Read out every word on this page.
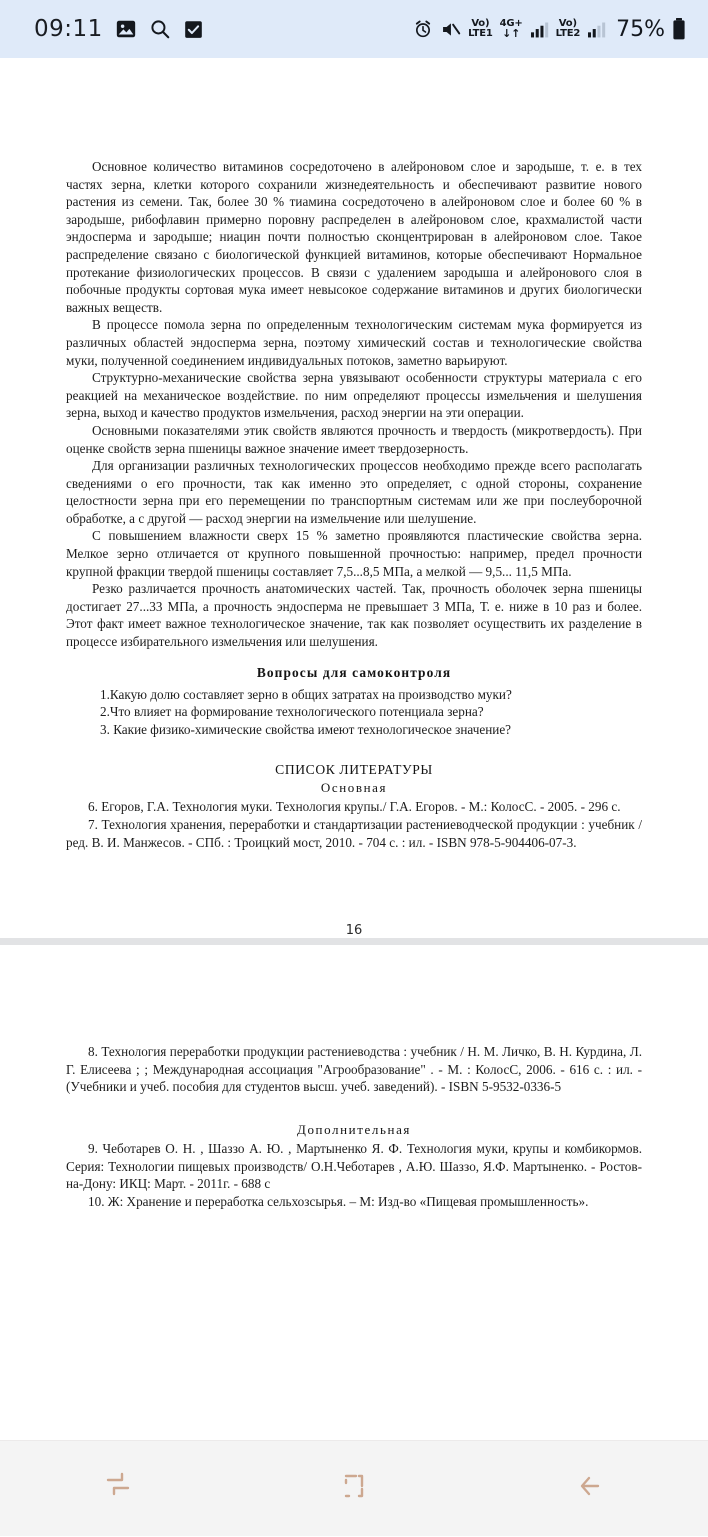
09:11	Vo)
LTE1
4G+
↓↑
Vo)
LTE2 75%

Основное количество витаминов сосредоточено в алейроновом слое и зародыше, т. е. в тех частях зерна, клетки которого сохранили жизнедеятельность и обеспечивают развитие нового растения из семени. Так, более 30 % тиамина сосредоточено в алейроновом слое и более 60 % в зародыше, рибофлавин примерно поровну распределен в алейроновом слое, крахмалистой части эндосперма и зародыше; ниацин почти полностью сконцентрирован в алейроновом слое. Такое распределение связано с биологической функцией витаминов, которые обеспечивают Нормальное протекание физиологических процессов. В связи с удалением зародыша и алейронового слоя в побочные продукты сортовая мука имеет невысокое содержание витаминов и других биологически важных веществ.

В процессе помола зерна по определенным технологическим системам мука формируется из различных областей эндосперма зерна, поэтому химический состав и технологические свойства муки, полученной соединением индивидуальных потоков, заметно варьируют.

Структурно-механические свойства зерна увязывают особенности структуры материала с его реакцией на механическое воздействие. по ним определяют процессы измельчения и шелушения зерна, выход и качество продуктов измельчения, расход энергии на эти операции.

Основными показателями этик свойств являются прочность и твердость (микротвердость). При оценке свойств зерна пшеницы важное значение имеет твердозерность.

Для организации различных технологических процессов необходимо прежде всего располагать сведениями о его прочности, так как именно это определяет, с одной стороны, сохранение целостности зерна при его перемещении по транспортным системам или же при послеуборочной обработке, а с другой — расход энергии на измельчение или шелушение.

С повышением влажности сверх 15 % заметно проявляются пластические свойства зерна. Мелкое зерно отличается от крупного повышенной прочностью: например, предел прочности крупной фракции твердой пшеницы составляет 7,5...8,5 МПа, а мелкой — 9,5... 11,5 МПа.

Резко различается прочность анатомических частей. Так, прочность оболочек зерна пшеницы достигает 27...33 МПа, а прочность эндосперма не превышает 3 МПа, Т. е. ниже в 10 раз и более. Этот факт имеет важное технологическое значение, так как позволяет осуществить их разделение в процессе избирательного измельчения или шелушения.

Вопросы для самоконтроля

1.Какую долю составляет зерно в общих затратах на производство муки?
2.Что влияет на формирование технологического потенциала зерна?
3. Какие физико-химические свойства имеют технологическое значение?

СПИСОК ЛИТЕРАТУРЫ

Основная

6. Егоров, Г.А. Технология муки. Технология крупы./ Г.А. Егоров. - М.: КолосС. - 2005. - 296 с.

7. Технология хранения, переработки и стандартизации растениеводческой продукции : учебник / ред. В. И. Манжесов. - СПб. : Троицкий мост, 2010. - 704 с. : ил. - ISBN 978-5-904406-07-3.

16

8. Технология переработки продукции растениеводства : учебник / Н. М. Личко, В. Н. Курдина, Л. Г. Елисеева ; ; Международная ассоциация "Агрообразование" . - М. : КолосС, 2006. - 616 с. : ил. - (Учебники и учеб. пособия для студентов высш. учеб. заведений). - ISBN 5-9532-0336-5

Дополнительная

9. Чеботарев О. Н. , Шаззо А. Ю. , Мартыненко Я. Ф. Технология муки, крупы и комбикормов. Серия: Технологии пищевых производств/ О.Н.Чеботарев , А.Ю. Шаззо, Я.Ф. Мартыненко. - Ростов-на-Дону: ИКЦ: Март. - 2011г. - 688 с

10. Ж: Хранение и переработка сельхозсырья. – М: Изд-во «Пищевая промышленность».
